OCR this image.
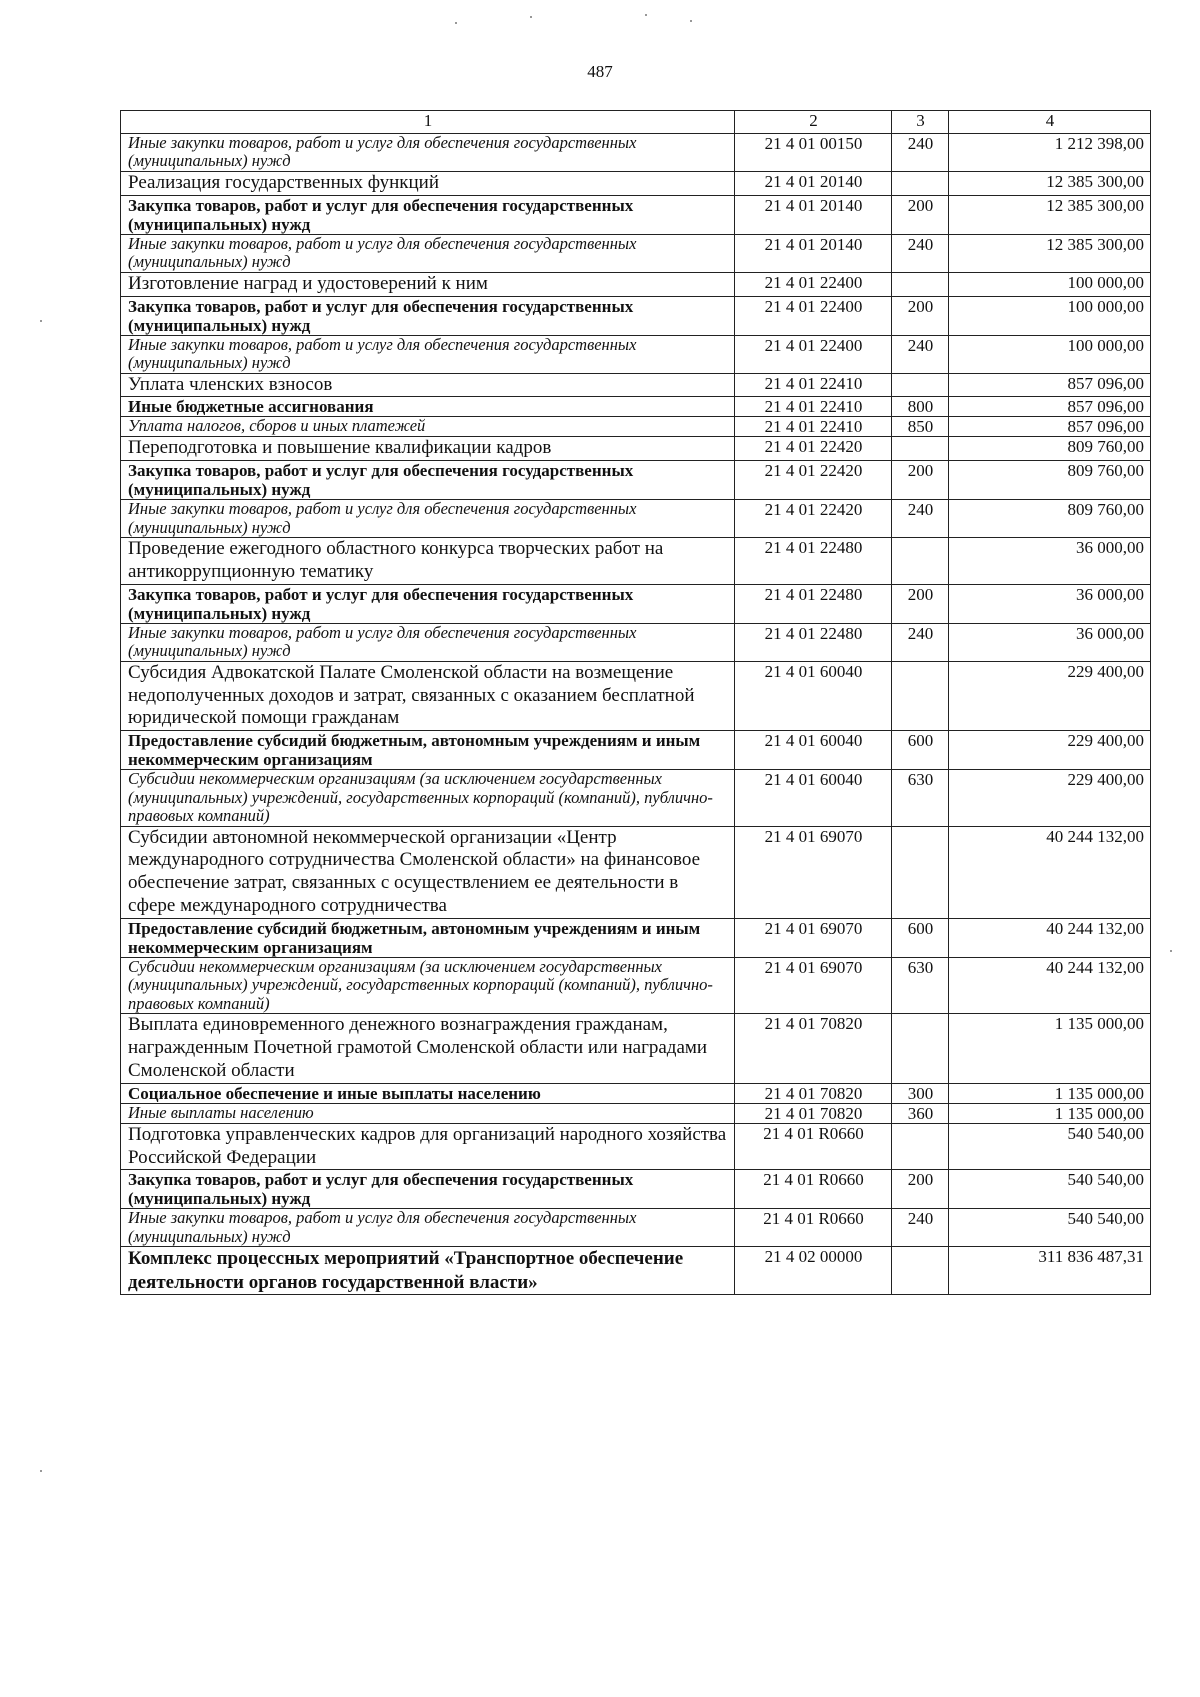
487
1	2	3	4
Иные закупки товаров, работ и услуг для обеспечения государственных (муниципальных) нужд	21 4 01 00150	240	1 212 398,00
Реализация государственных функций	21 4 01 20140		12 385 300,00
Закупка товаров, работ и услуг для обеспечения государственных (муниципальных) нужд	21 4 01 20140	200	12 385 300,00
Иные закупки товаров, работ и услуг для обеспечения государственных (муниципальных) нужд	21 4 01 20140	240	12 385 300,00
Изготовление наград и удостоверений к ним	21 4 01 22400		100 000,00
Закупка товаров, работ и услуг для обеспечения государственных (муниципальных) нужд	21 4 01 22400	200	100 000,00
Иные закупки товаров, работ и услуг для обеспечения государственных (муниципальных) нужд	21 4 01 22400	240	100 000,00
Уплата членских взносов	21 4 01 22410		857 096,00
Иные бюджетные ассигнования	21 4 01 22410	800	857 096,00
Уплата налогов, сборов и иных платежей	21 4 01 22410	850	857 096,00
Переподготовка и повышение квалификации кадров	21 4 01 22420		809 760,00
Закупка товаров, работ и услуг для обеспечения государственных (муниципальных) нужд	21 4 01 22420	200	809 760,00
Иные закупки товаров, работ и услуг для обеспечения государственных (муниципальных) нужд	21 4 01 22420	240	809 760,00
Проведение ежегодного областного конкурса творческих работ на антикоррупционную тематику	21 4 01 22480		36 000,00
Закупка товаров, работ и услуг для обеспечения государственных (муниципальных) нужд	21 4 01 22480	200	36 000,00
Иные закупки товаров, работ и услуг для обеспечения государственных (муниципальных) нужд	21 4 01 22480	240	36 000,00
Субсидия Адвокатской Палате Смоленской области на возмещение недополученных доходов и затрат, связанных с оказанием бесплатной юридической помощи гражданам	21 4 01 60040		229 400,00
Предоставление субсидий бюджетным, автономным учреждениям и иным некоммерческим организациям	21 4 01 60040	600	229 400,00
Субсидии некоммерческим организациям (за исключением государственных (муниципальных) учреждений, государственных корпораций (компаний), публично-правовых компаний)	21 4 01 60040	630	229 400,00
Субсидии автономной некоммерческой организации «Центр международного сотрудничества Смоленской области» на финансовое обеспечение затрат, связанных с осуществлением ее деятельности в сфере международного сотрудничества	21 4 01 69070		40 244 132,00
Предоставление субсидий бюджетным, автономным учреждениям и иным некоммерческим организациям	21 4 01 69070	600	40 244 132,00
Субсидии некоммерческим организациям (за исключением государственных (муниципальных) учреждений, государственных корпораций (компаний), публично-правовых компаний)	21 4 01 69070	630	40 244 132,00
Выплата единовременного денежного вознаграждения гражданам, награжденным Почетной грамотой Смоленской области или наградами Смоленской области	21 4 01 70820		1 135 000,00
Социальное обеспечение и иные выплаты населению	21 4 01 70820	300	1 135 000,00
Иные выплаты населению	21 4 01 70820	360	1 135 000,00
Подготовка управленческих кадров для организаций народного хозяйства Российской Федерации	21 4 01 R0660		540 540,00
Закупка товаров, работ и услуг для обеспечения государственных (муниципальных) нужд	21 4 01 R0660	200	540 540,00
Иные закупки товаров, работ и услуг для обеспечения государственных (муниципальных) нужд	21 4 01 R0660	240	540 540,00
Комплекс процессных мероприятий «Транспортное обеспечение деятельности органов государственной власти»	21 4 02 00000		311 836 487,31
